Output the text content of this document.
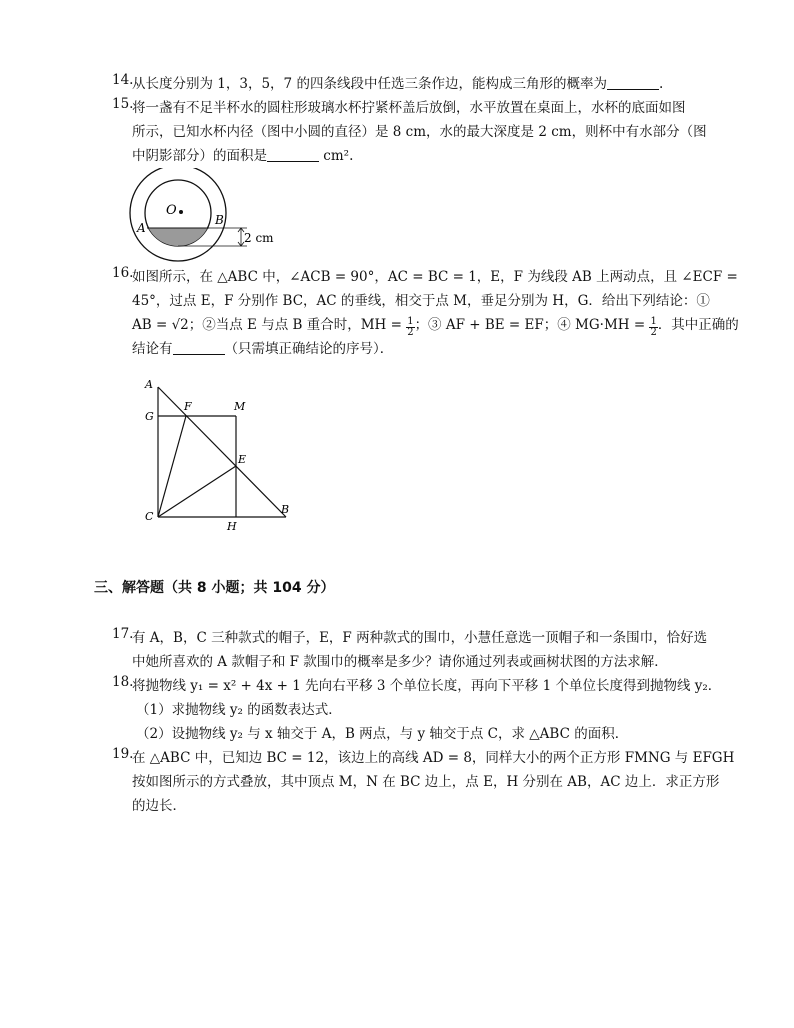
14.
从长度分别为 1，3，5，7 的四条线段中任选三条作边，能构成三角形的概率为	.
15.
将一盏有不足半杯水的圆柱形玻璃水杯拧紧杯盖后放倒，水平放置在桌面上，水杯的底面如图
所示，已知水杯内径（图中小圆的直径）是 8 cm，水的最大深度是 2 cm，则杯中有水部分（图
中阴影部分）的面积是	cm².
O
A
B
2 cm
16.
如图所示，在 △ABC 中，∠ACB = 90°，AC = BC = 1，E，F 为线段 AB 上两动点，且 ∠ECF =
45°，过点 E，F 分别作 BC，AC 的垂线，相交于点 M，垂足分别为 H，G．给出下列结论：①
AB = √2；②当点 E 与点 B 重合时，MH = $\frac{1}{2}$ ；③ AF + BE = EF；④ $MG\cdot MH = \frac{1}{2}$ ．其中正确的
结论有	（只需填正确结论的序号）．
A
G
F	M
E
C
H
B
三、解答题（共 8 小题；共 104 分）
17.
有 A，B，C 三种款式的帽子，E，F 两种款式的围巾，小慧任意选一顶帽子和一条围巾，恰好选
中她所喜欢的 A 款帽子和 F 款围巾的概率是多少？请你通过列表或画树状图的方法求解．
18.
将抛物线 y₁ = x² + 4x + 1 先向右平移 3 个单位长度，再向下平移 1 个单位长度得到抛物线 y₂．
（1）求抛物线 y₂ 的函数表达式．
（2）设抛物线 y₂ 与 x 轴交于 A，B 两点，与 y 轴交于点 C，求 △ABC 的面积．
19.
在 △ABC 中，已知边 BC = 12，该边上的高线 AD = 8，同样大小的两个正方形 FMNG 与 EFGH
按如图所示的方式叠放，其中顶点 M，N 在 BC 边上，点 E，H 分别在 AB，AC 边上．求正方形
的边长．
